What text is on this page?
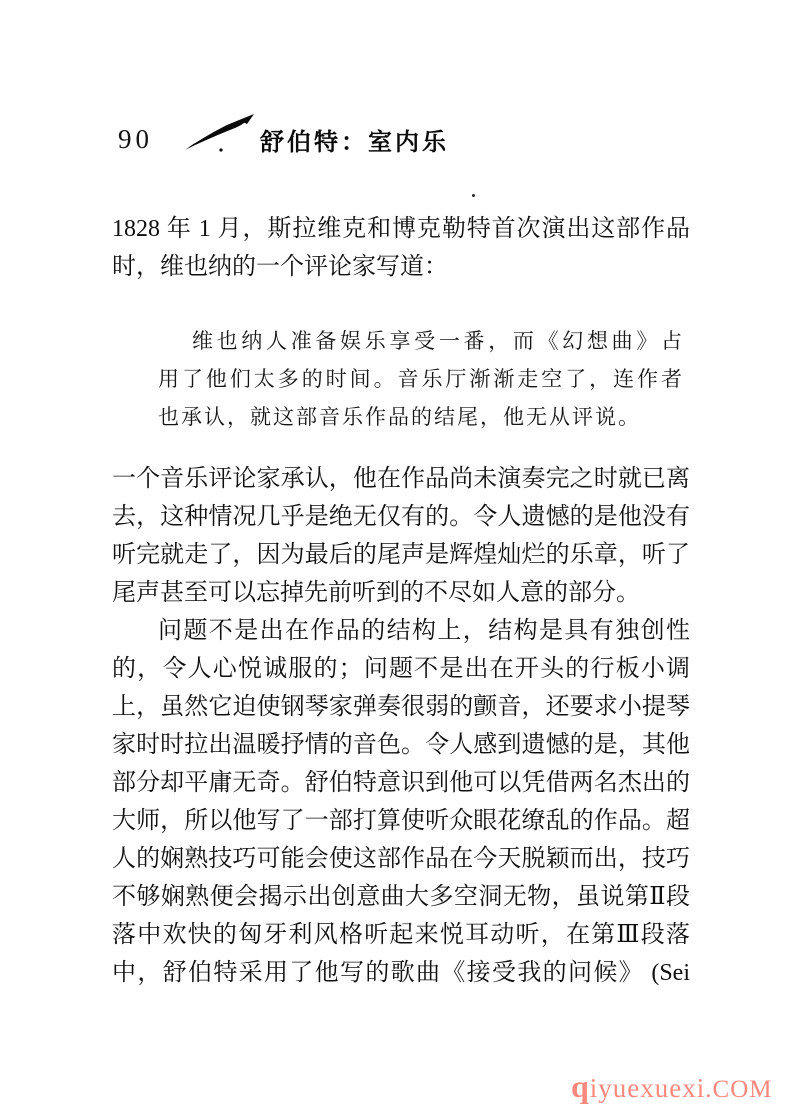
90	舒伯特：室内乐
1828 年 1 月，斯拉维克和博克勒特首次演出这部作品
时，维也纳的一个评论家写道：
维也纳人准备娱乐享受一番，而《幻想曲》占
用了他们太多的时间。音乐厅渐渐走空了，连作者
也承认，就这部音乐作品的结尾，他无从评说。
一个音乐评论家承认，他在作品尚未演奏完之时就已离
去，这种情况几乎是绝无仅有的。令人遗憾的是他没有
听完就走了，因为最后的尾声是辉煌灿烂的乐章，听了
尾声甚至可以忘掉先前听到的不尽如人意的部分。
问题不是出在作品的结构上，结构是具有独创性
的，令人心悦诚服的；问题不是出在开头的行板小调
上，虽然它迫使钢琴家弹奏很弱的颤音，还要求小提琴
家时时拉出温暖抒情的音色。令人感到遗憾的是，其他
部分却平庸无奇。舒伯特意识到他可以凭借两名杰出的
大师，所以他写了一部打算使听众眼花缭乱的作品。超
人的娴熟技巧可能会使这部作品在今天脱颖而出，技巧
不够娴熟便会揭示出创意曲大多空洞无物，虽说第Ⅱ段
落中欢快的匈牙利风格听起来悦耳动听，在第Ⅲ段落
中，舒伯特采用了他写的歌曲《接受我的问候》 (Sei
qiyuexuexi.COM
